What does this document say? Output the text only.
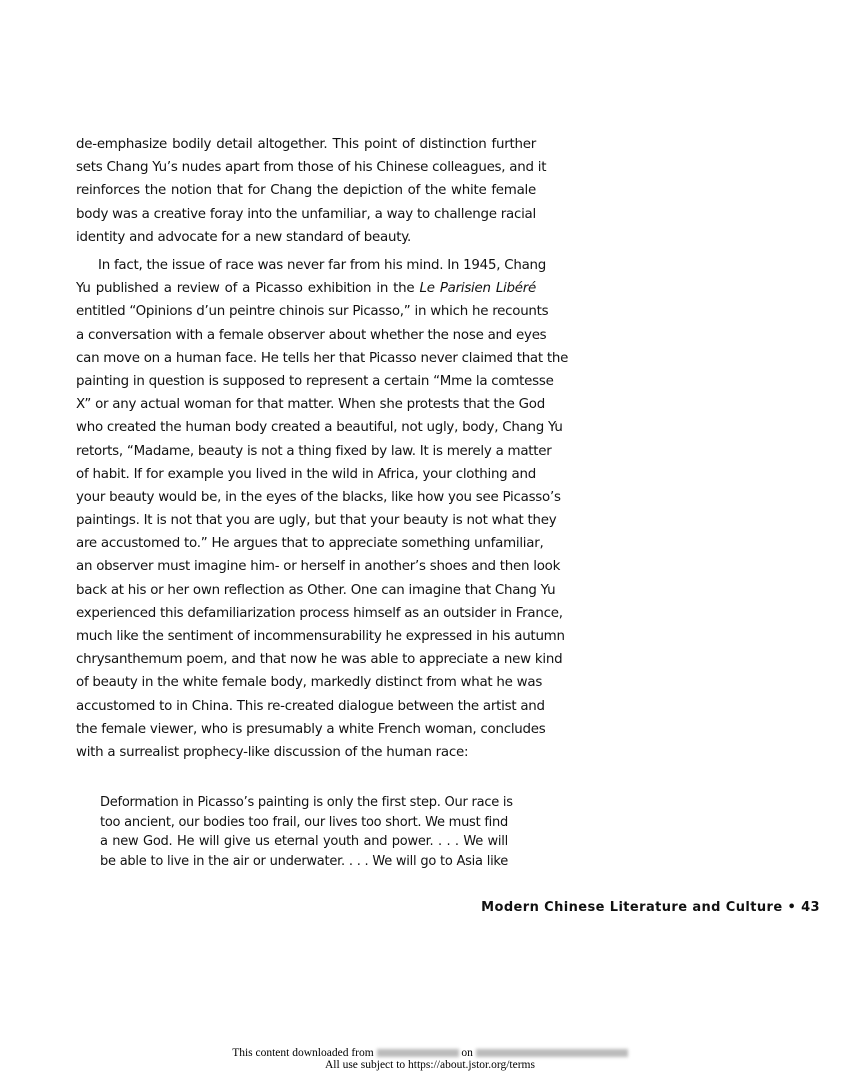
de-emphasize bodily detail altogether. This point of distinction further
sets Chang Yu’s nudes apart from those of his Chinese colleagues, and it
reinforces the notion that for Chang the depiction of the white female
body was a creative foray into the unfamiliar, a way to challenge racial
identity and advocate for a new standard of beauty.
In fact, the issue of race was never far from his mind. In 1945, Chang
Yu published a review of a Picasso exhibition in the Le Parisien Libéré
entitled “Opinions d’un peintre chinois sur Picasso,” in which he recounts
a conversation with a female observer about whether the nose and eyes
can move on a human face. He tells her that Picasso never claimed that the
painting in question is supposed to represent a certain “Mme la comtesse
X” or any actual woman for that matter. When she protests that the God
who created the human body created a beautiful, not ugly, body, Chang Yu
retorts, “Madame, beauty is not a thing fixed by law. It is merely a matter
of habit. If for example you lived in the wild in Africa, your clothing and
your beauty would be, in the eyes of the blacks, like how you see Picasso’s
paintings. It is not that you are ugly, but that your beauty is not what they
are accustomed to.” He argues that to appreciate something unfamiliar,
an observer must imagine him- or herself in another’s shoes and then look
back at his or her own reflection as Other. One can imagine that Chang Yu
experienced this defamiliarization process himself as an outsider in France,
much like the sentiment of incommensurability he expressed in his autumn
chrysanthemum poem, and that now he was able to appreciate a new kind
of beauty in the white female body, markedly distinct from what he was
accustomed to in China. This re-created dialogue between the artist and
the female viewer, who is presumably a white French woman, concludes
with a surrealist prophecy-like discussion of the human race:
Deformation in Picasso’s painting is only the first step. Our race is
too ancient, our bodies too frail, our lives too short. We must find
a new God. He will give us eternal youth and power. . . . We will
be able to live in the air or underwater. . . . We will go to Asia like
Modern Chinese Literature and Culture • 43
This content downloaded from	on
All use subject to https://about.jstor.org/terms
